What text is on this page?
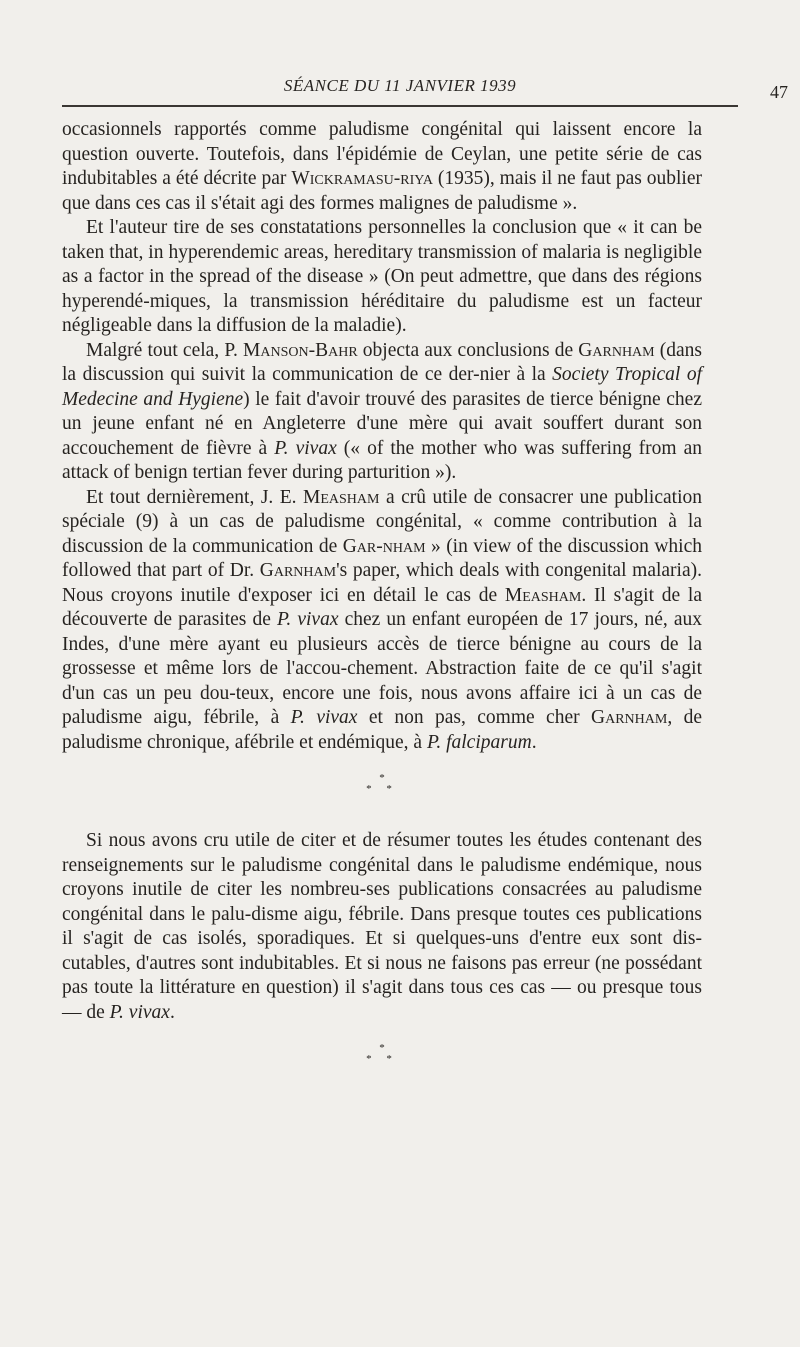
SÉANCE DU 11 JANVIER 1939	47

occasionnels rapportés comme paludisme congénital qui laissent encore la question ouverte. Toutefois, dans l'épidémie de Ceylan, une petite série de cas indubitables a été décrite par Wickramasu-riya (1935), mais il ne faut pas oublier que dans ces cas il s'était agi des formes malignes de paludisme ».

Et l'auteur tire de ses constatations personnelles la conclusion que « it can be taken that, in hyperendemic areas, hereditary transmission of malaria is negligible as a factor in the spread of the disease » (On peut admettre, que dans des régions hyperendé-miques, la transmission héréditaire du paludisme est un facteur négligeable dans la diffusion de la maladie).

Malgré tout cela, P. Manson-Bahr objecta aux conclusions de Garnham (dans la discussion qui suivit la communication de ce der-nier à la Society Tropical of Medecine and Hygiene) le fait d'avoir trouvé des parasites de tierce bénigne chez un jeune enfant né en Angleterre d'une mère qui avait souffert durant son accouchement de fièvre à P. vivax (« of the mother who was suffering from an attack of benign tertian fever during parturition »).

Et tout dernièrement, J. E. Measham a crû utile de consacrer une publication spéciale (9) à un cas de paludisme congénital, « comme contribution à la discussion de la communication de Gar-nham » (in view of the discussion which followed that part of Dr. Garnham's paper, which deals with congenital malaria). Nous croyons inutile d'exposer ici en détail le cas de Measham. Il s'agit de la découverte de parasites de P. vivax chez un enfant européen de 17 jours, né, aux Indes, d'une mère ayant eu plusieurs accès de tierce bénigne au cours de la grossesse et même lors de l'accou-chement. Abstraction faite de ce qu'il s'agit d'un cas un peu dou-teux, encore une fois, nous avons affaire ici à un cas de paludisme aigu, fébrile, à P. vivax et non pas, comme cher Garnham, de paludisme chronique, afébrile et endémique, à P. falciparum.

*
* *

Si nous avons cru utile de citer et de résumer toutes les études contenant des renseignements sur le paludisme congénital dans le paludisme endémique, nous croyons inutile de citer les nombreu-ses publications consacrées au paludisme congénital dans le palu-disme aigu, fébrile. Dans presque toutes ces publications il s'agit de cas isolés, sporadiques. Et si quelques-uns d'entre eux sont dis-cutables, d'autres sont indubitables. Et si nous ne faisons pas erreur (ne possédant pas toute la littérature en question) il s'agit dans tous ces cas — ou presque tous — de P. vivax.

*
* *
